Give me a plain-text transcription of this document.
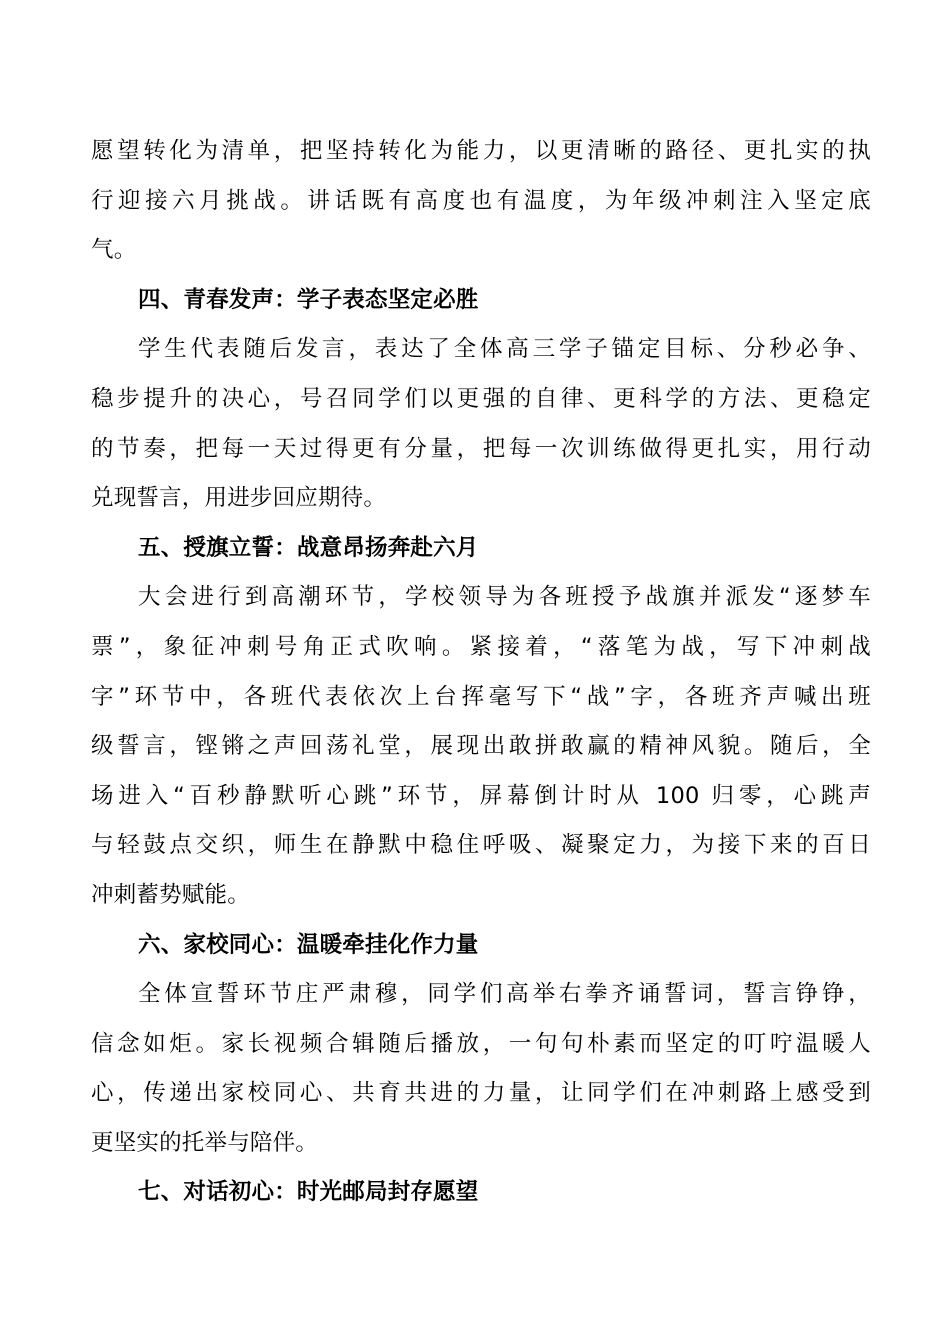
愿望转化为清单，把坚持转化为能力，以更清晰的路径、更扎实的执
行迎接六月挑战。讲话既有高度也有温度，为年级冲刺注入坚定底
气。
四、青春发声：学子表态坚定必胜
学生代表随后发言，表达了全体高三学子锚定目标、分秒必争、
稳步提升的决心，号召同学们以更强的自律、更科学的方法、更稳定
的节奏，把每一天过得更有分量，把每一次训练做得更扎实，用行动
兑现誓言，用进步回应期待。
五、授旗立誓：战意昂扬奔赴六月
大会进行到高潮环节，学校领导为各班授予战旗并派发“逐梦车
票”，象征冲刺号角正式吹响。紧接着，“落笔为战，写下冲刺战
字”环节中，各班代表依次上台挥毫写下“战”字，各班齐声喊出班
级誓言，铿锵之声回荡礼堂，展现出敢拼敢赢的精神风貌。随后，全
场进入“百秒静默听心跳”环节，屏幕倒计时从 100 归零，心跳声
与轻鼓点交织，师生在静默中稳住呼吸、凝聚定力，为接下来的百日
冲刺蓄势赋能。
六、家校同心：温暖牵挂化作力量
全体宣誓环节庄严肃穆，同学们高举右拳齐诵誓词，誓言铮铮，
信念如炬。家长视频合辑随后播放，一句句朴素而坚定的叮咛温暖人
心，传递出家校同心、共育共进的力量，让同学们在冲刺路上感受到
更坚实的托举与陪伴。
七、对话初心：时光邮局封存愿望
